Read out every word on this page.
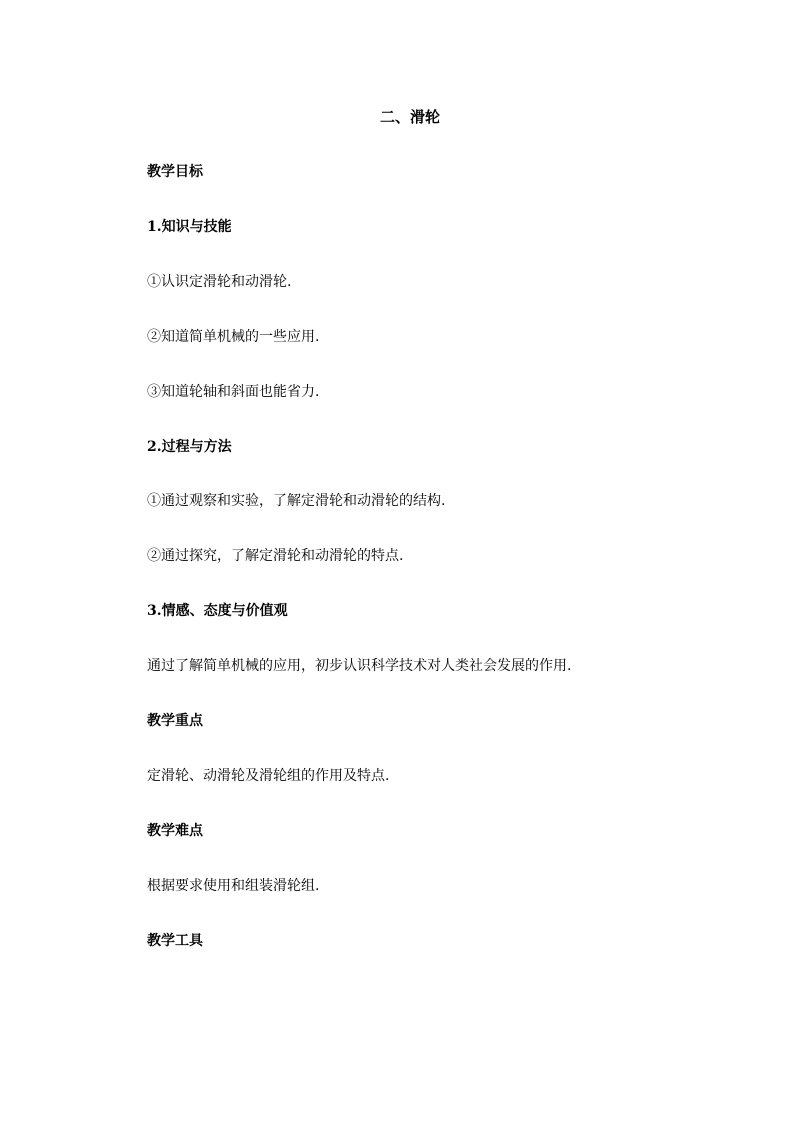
二、滑轮
教学目标
1.知识与技能
①认识定滑轮和动滑轮.
②知道简单机械的一些应用.
③知道轮轴和斜面也能省力.
2.过程与方法
①通过观察和实验，了解定滑轮和动滑轮的结构.
②通过探究，了解定滑轮和动滑轮的特点.
3.情感、态度与价值观
通过了解简单机械的应用，初步认识科学技术对人类社会发展的作用.
教学重点
定滑轮、动滑轮及滑轮组的作用及特点.
教学难点
根据要求使用和组装滑轮组.
教学工具
